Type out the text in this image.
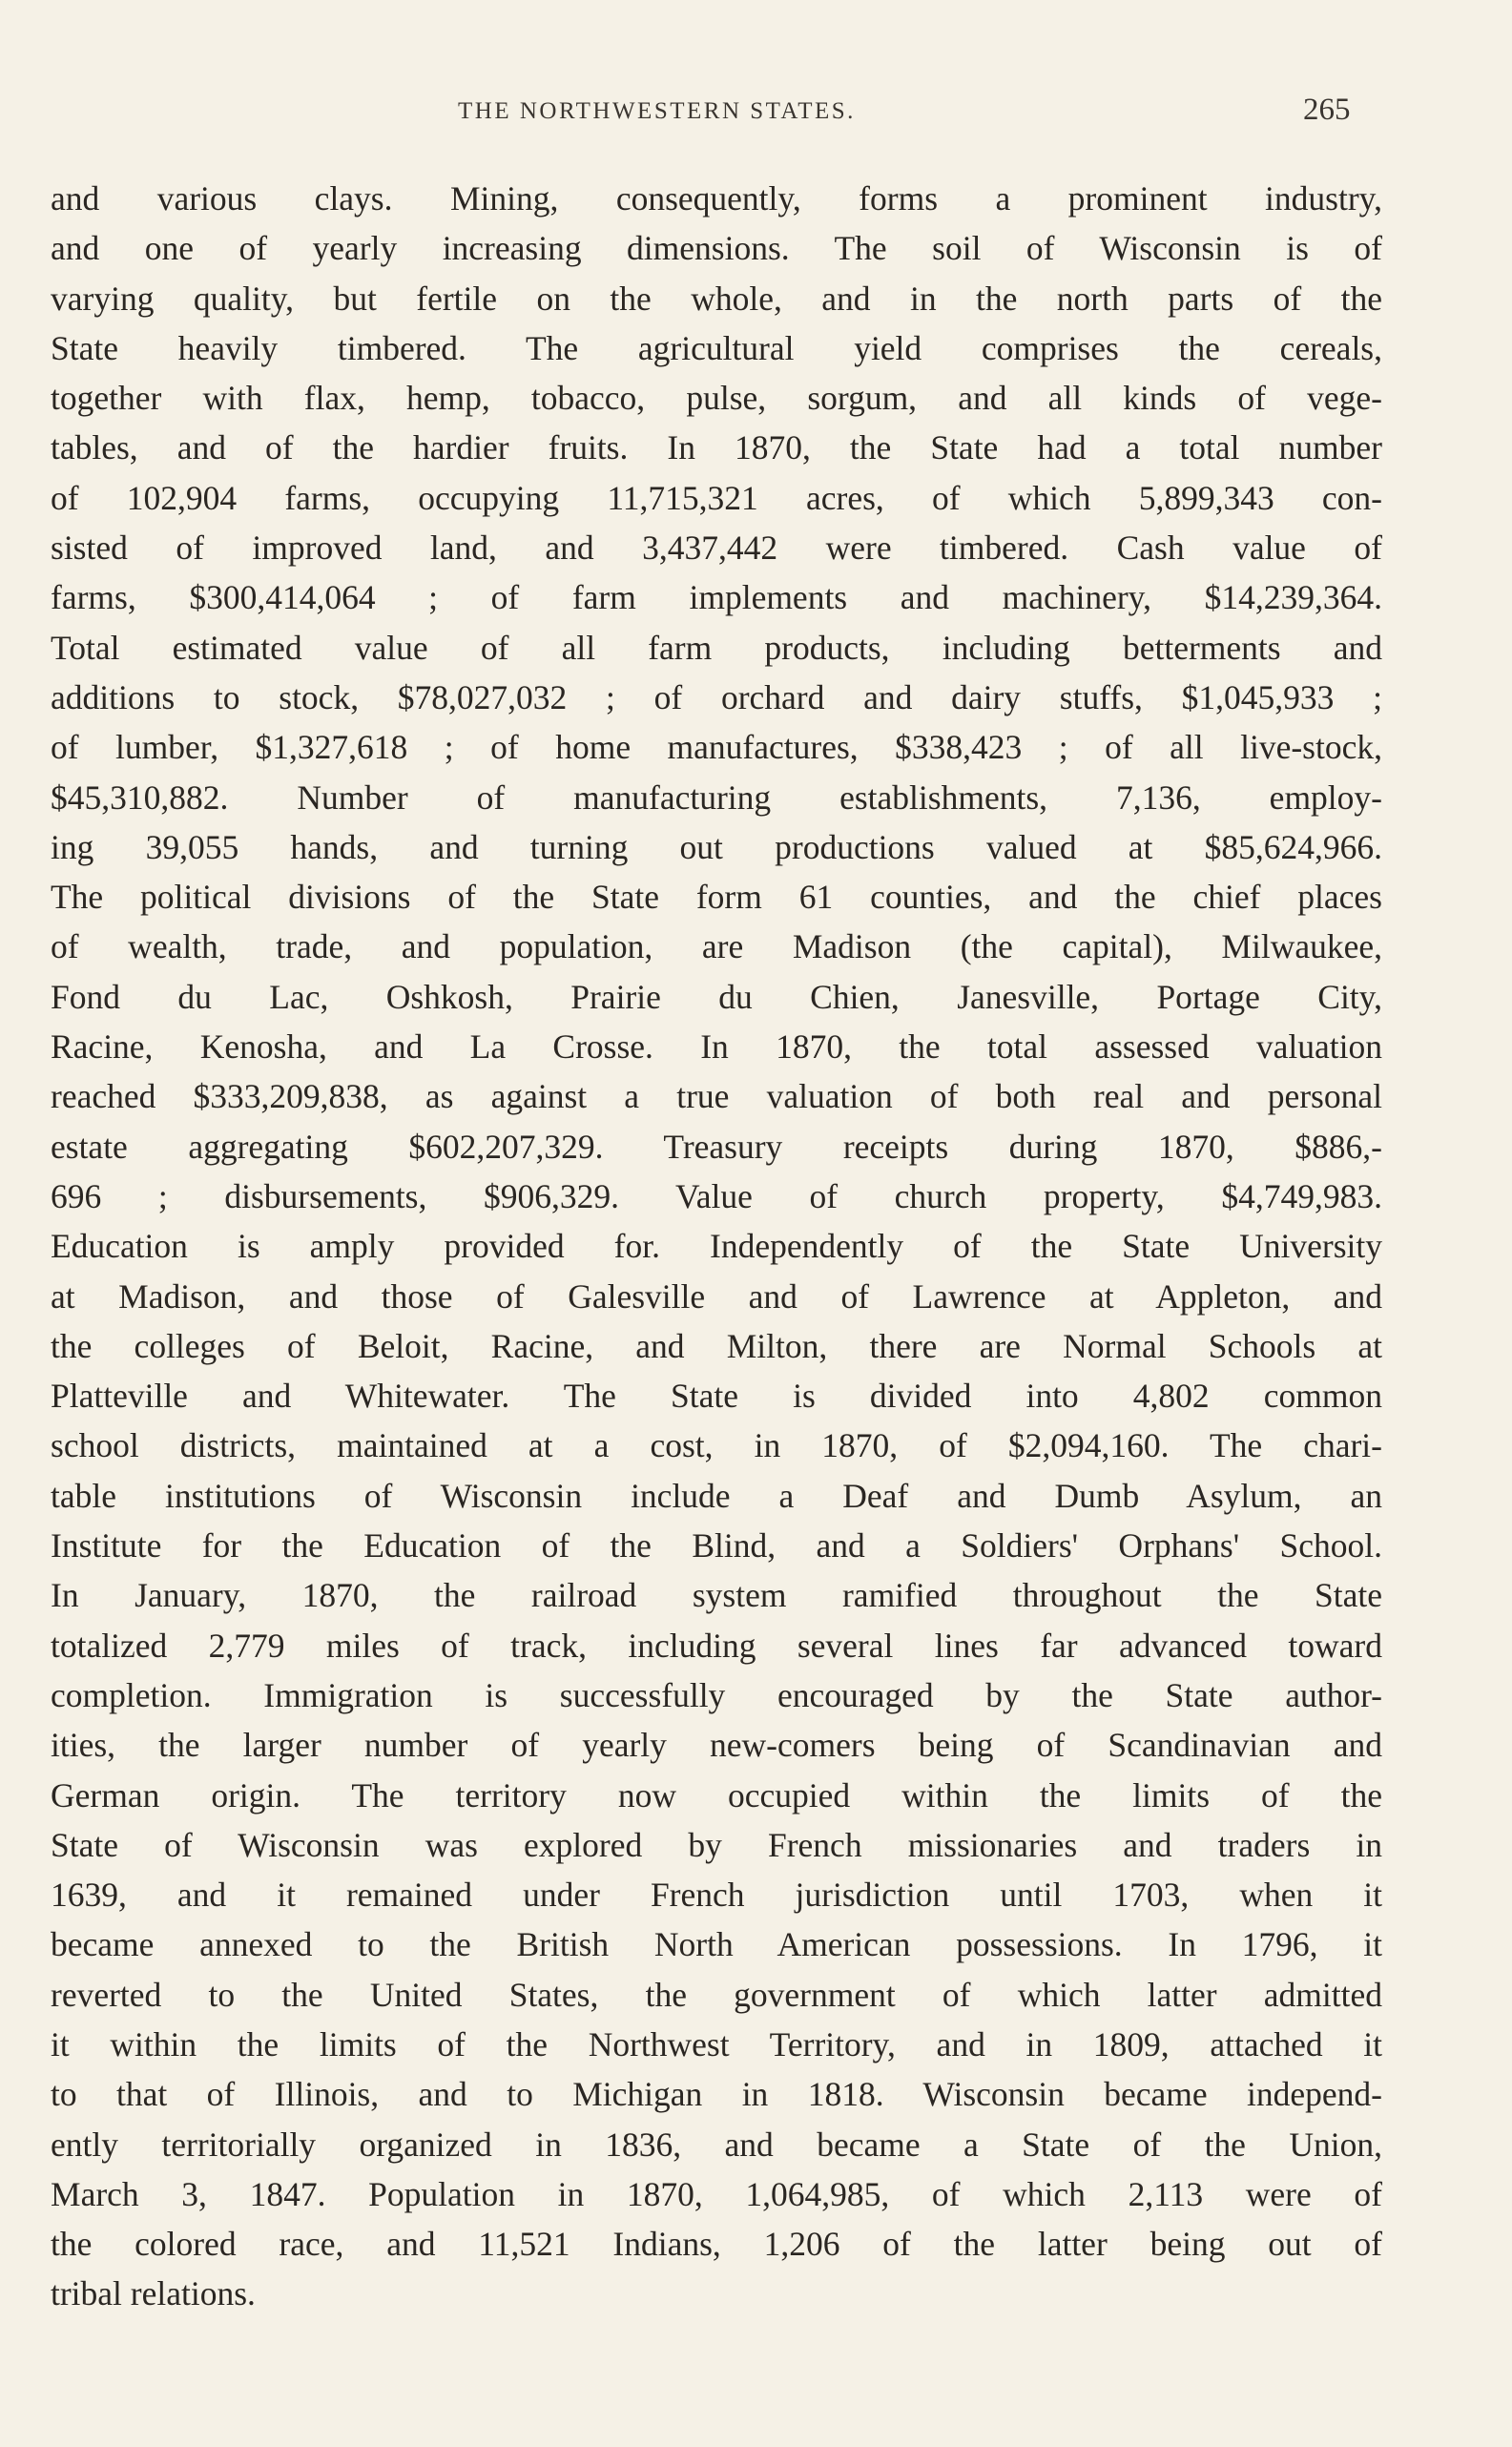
THE NORTHWESTERN STATES.	265
and various clays. Mining, consequently, forms a prominent industry,
and one of yearly increasing dimensions. The soil of Wisconsin is of
varying quality, but fertile on the whole, and in the north parts of the
State heavily timbered. The agricultural yield comprises the cereals,
together with flax, hemp, tobacco, pulse, sorgum, and all kinds of vege-
tables, and of the hardier fruits. In 1870, the State had a total number
of 102,904 farms, occupying 11,715,321 acres, of which 5,899,343 con-
sisted of improved land, and 3,437,442 were timbered. Cash value of
farms, $300,414,064 ; of farm implements and machinery, $14,239,364.
Total estimated value of all farm products, including betterments and
additions to stock, $78,027,032 ; of orchard and dairy stuffs, $1,045,933 ;
of lumber, $1,327,618 ; of home manufactures, $338,423 ; of all live-stock,
$45,310,882. Number of manufacturing establishments, 7,136, employ-
ing 39,055 hands, and turning out productions valued at $85,624,966.
The political divisions of the State form 61 counties, and the chief places
of wealth, trade, and population, are Madison (the capital), Milwaukee,
Fond du Lac, Oshkosh, Prairie du Chien, Janesville, Portage City,
Racine, Kenosha, and La Crosse. In 1870, the total assessed valuation
reached $333,209,838, as against a true valuation of both real and personal
estate aggregating $602,207,329. Treasury receipts during 1870, $886,-
696 ; disbursements, $906,329. Value of church property, $4,749,983.
Education is amply provided for. Independently of the State University
at Madison, and those of Galesville and of Lawrence at Appleton, and
the colleges of Beloit, Racine, and Milton, there are Normal Schools at
Platteville and Whitewater. The State is divided into 4,802 common
school districts, maintained at a cost, in 1870, of $2,094,160. The chari-
table institutions of Wisconsin include a Deaf and Dumb Asylum, an
Institute for the Education of the Blind, and a Soldiers' Orphans' School.
In January, 1870, the railroad system ramified throughout the State
totalized 2,779 miles of track, including several lines far advanced toward
completion. Immigration is successfully encouraged by the State author-
ities, the larger number of yearly new-comers being of Scandinavian and
German origin. The territory now occupied within the limits of the
State of Wisconsin was explored by French missionaries and traders in
1639, and it remained under French jurisdiction until 1703, when it
became annexed to the British North American possessions. In 1796, it
reverted to the United States, the government of which latter admitted
it within the limits of the Northwest Territory, and in 1809, attached it
to that of Illinois, and to Michigan in 1818. Wisconsin became independ-
ently territorially organized in 1836, and became a State of the Union,
March 3, 1847. Population in 1870, 1,064,985, of which 2,113 were of
the colored race, and 11,521 Indians, 1,206 of the latter being out of
tribal relations.
